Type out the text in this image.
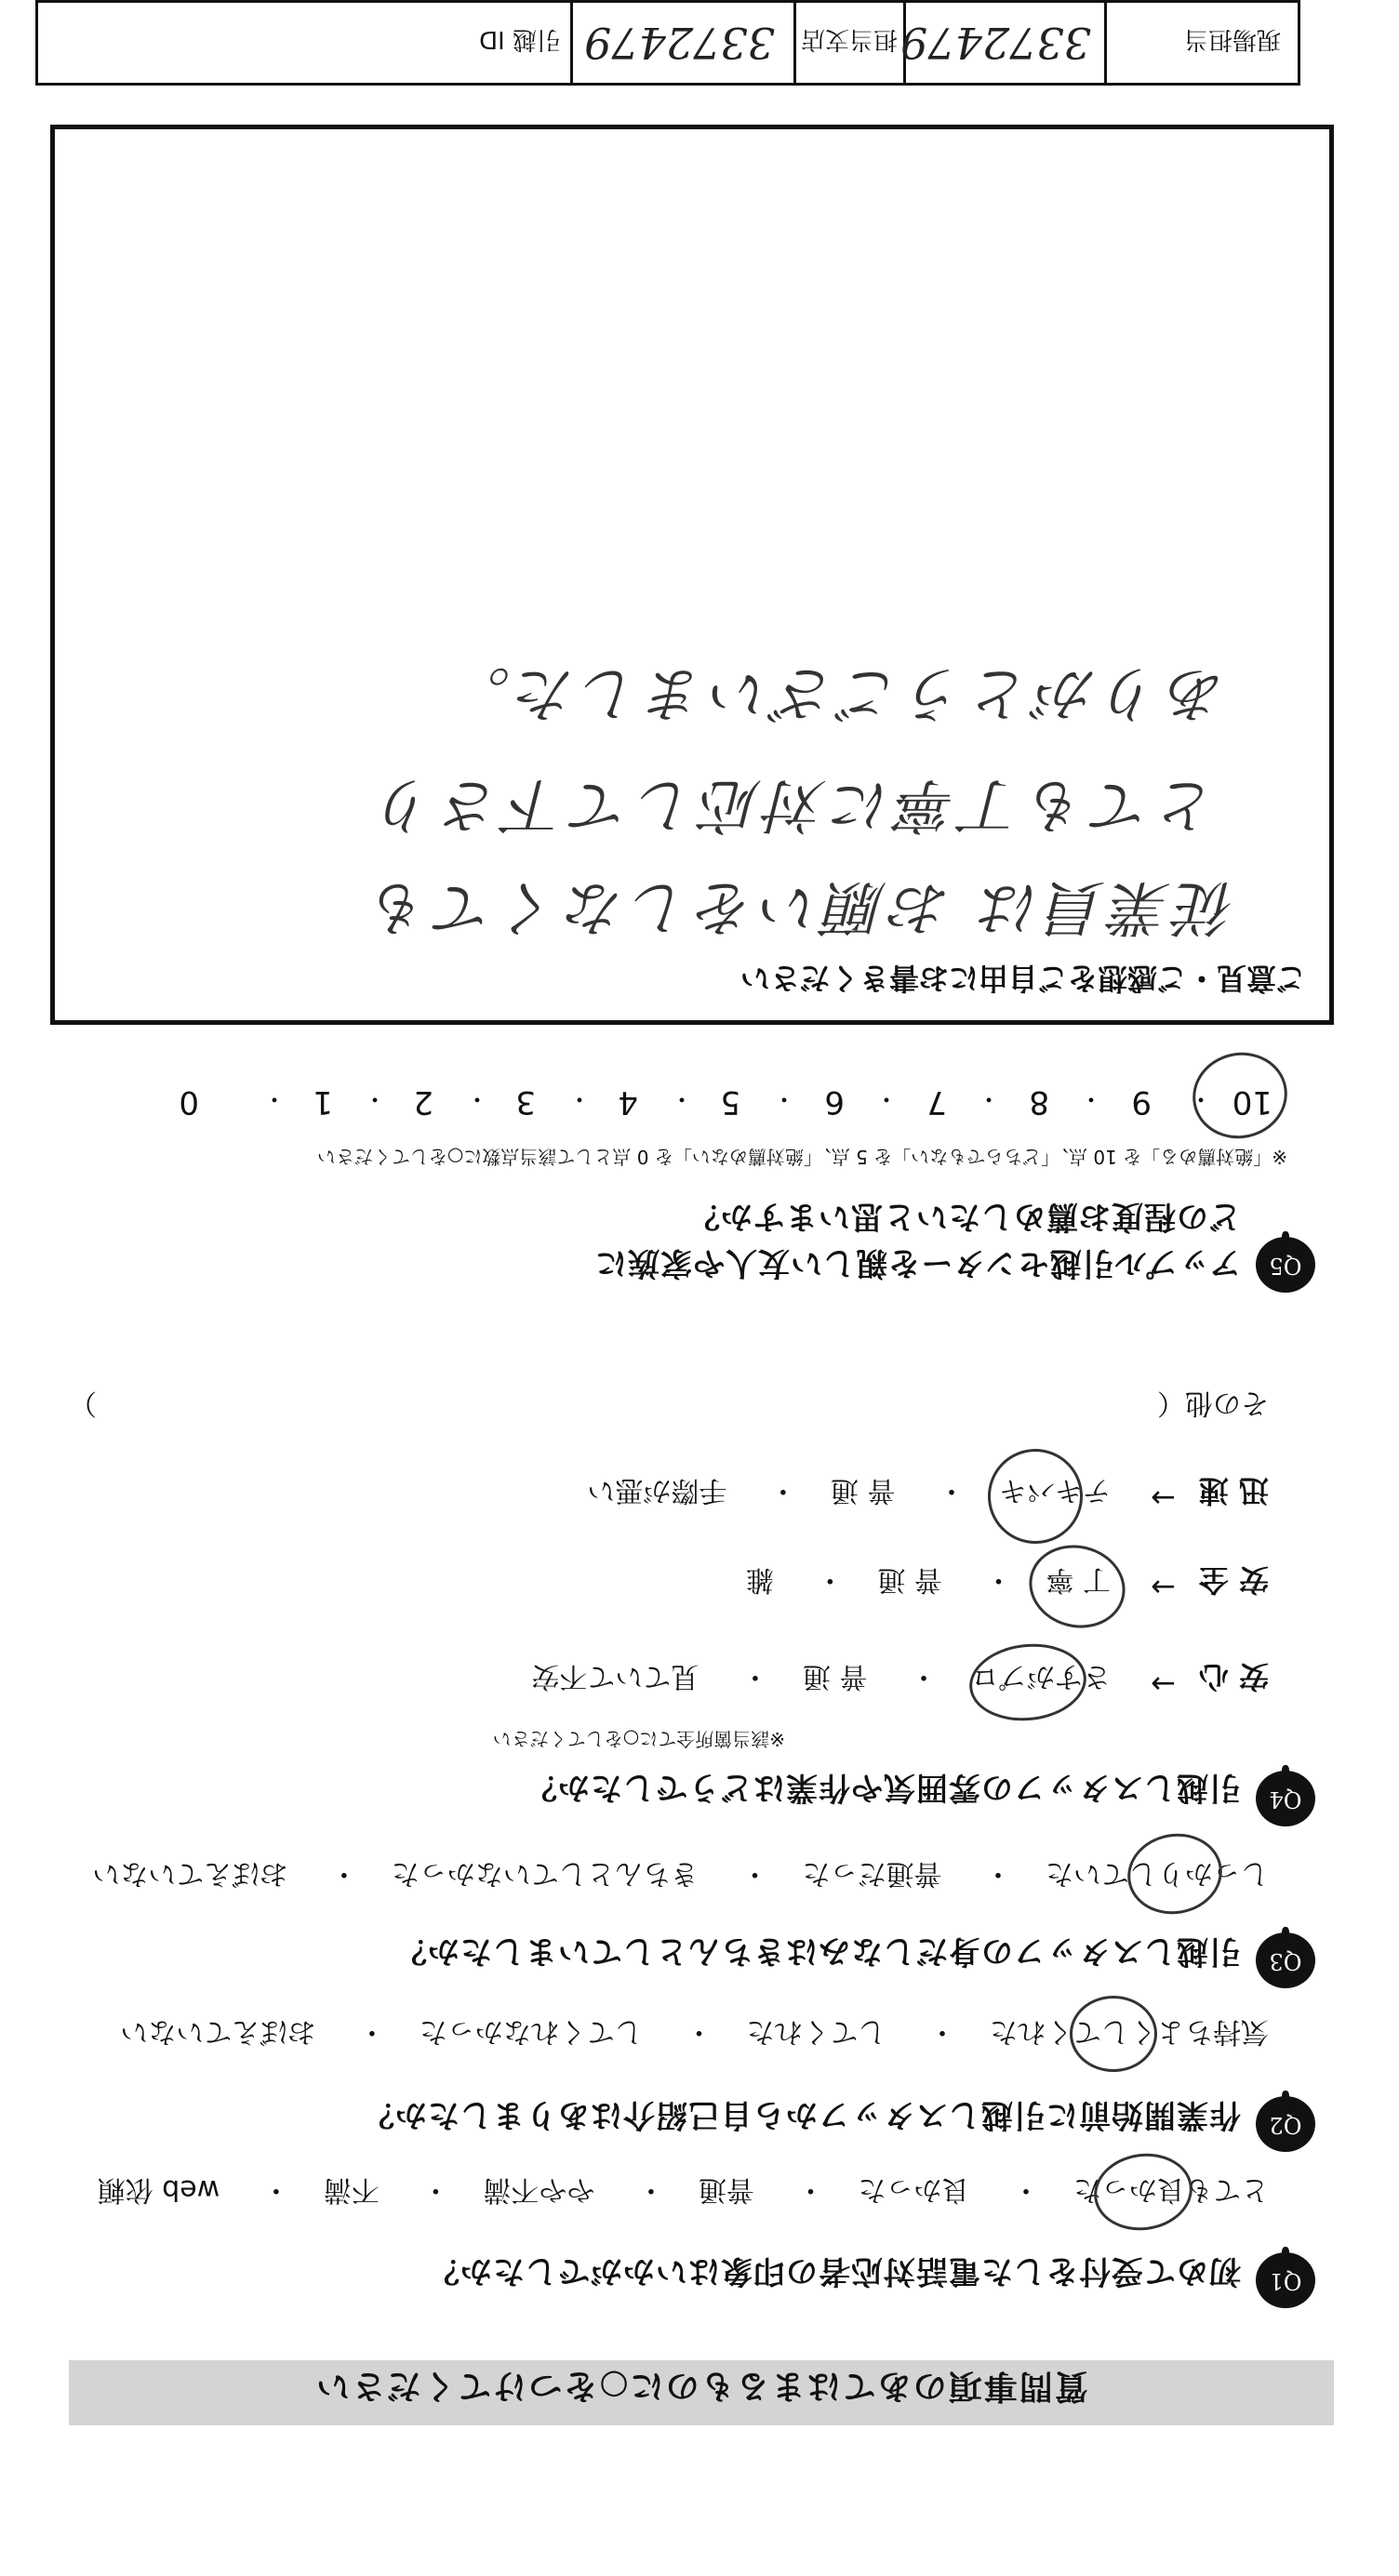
質問事項のあてはまるものに○をつけてください
Q1
初めて受付をした電話対応者の印象はいかがでしたか？
とても良かった・ 良かった・ 普通・ やや不満・ 不満・ web 依頼
Q2
作業開始前に引越しスタッフから自己紹介はありましたか？
気持ちよくしてくれた・ してくれた・ してくれなかった・ おぼえていない
Q3
引越しスタッフの身だしなみはきちんとしていましたか？
しっかりしていた・ 普通だった・ きちんとしていなかった・ おぼえていない
Q4
引越しスタッフの雰囲気や作業はどうでしたか？
※該当箇所全てに○をしてください
安 心
→
さすがプロ・ 普 通・ 見ていて不安
安 全
→
丁 寧・ 普 通・ 雑
迅 速
→
テキパキ・ 普 通・ 手際が悪い
その他（
）
Q5
アップル引越センターを親しい友人や家族に
どの程度お薦めしたいと思いますか？
※「絶対薦める」を 10 点、「どちらでもない」を 5 点、「絶対薦めない」を 0 点として該当点数に○をしてください
10
・
9
・
8
・
7
・
6
・
5
・
4
・
3
・
2
・
1
・
0
ご意見・ご感想をご自由にお書きください
従業員は お願いをしなくても
とても丁寧に対応して下さり
ありがとうございました。
現場担当
3372479
担当支店
3372479
引越 ID
